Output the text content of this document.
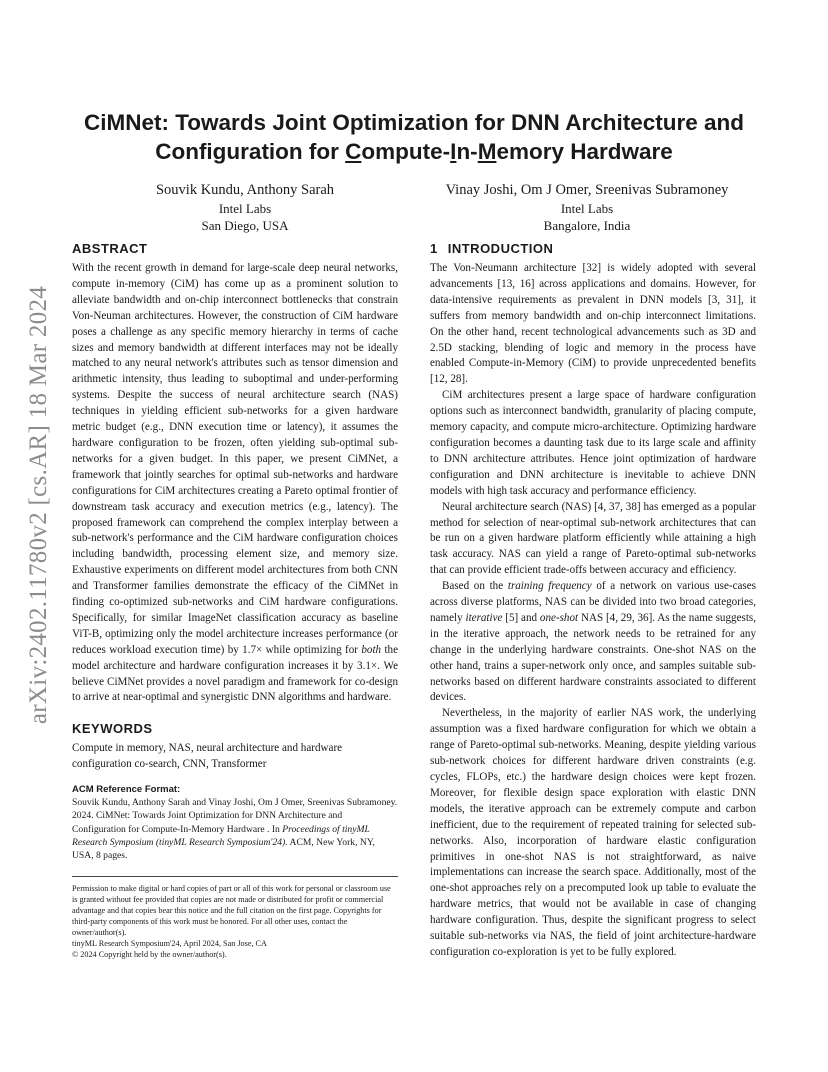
arXiv:2402.11780v2 [cs.AR] 18 Mar 2024
CiMNet: Towards Joint Optimization for DNN Architecture and
Configuration for Compute-In-Memory Hardware
Souvik Kundu, Anthony Sarah
Intel Labs
San Diego, USA
Vinay Joshi, Om J Omer, Sreenivas Subramoney
Intel Labs
Bangalore, India
ABSTRACT

With the recent growth in demand for large-scale deep neural networks, compute in-memory (CiM) has come up as a prominent solution to alleviate bandwidth and on-chip interconnect bottlenecks that constrain Von-Neuman architectures. However, the construction of CiM hardware poses a challenge as any specific memory hierarchy in terms of cache sizes and memory bandwidth at different interfaces may not be ideally matched to any neural network's attributes such as tensor dimension and arithmetic intensity, thus leading to suboptimal and under-performing systems. Despite the success of neural architecture search (NAS) techniques in yielding efficient sub-networks for a given hardware metric budget (e.g., DNN execution time or latency), it assumes the hardware configuration to be frozen, often yielding sub-optimal sub-networks for a given budget. In this paper, we present CiMNet, a framework that jointly searches for optimal sub-networks and hardware configurations for CiM architectures creating a Pareto optimal frontier of downstream task accuracy and execution metrics (e.g., latency). The proposed framework can comprehend the complex interplay between a sub-network's performance and the CiM hardware configuration choices including bandwidth, processing element size, and memory size. Exhaustive experiments on different model architectures from both CNN and Transformer families demonstrate the efficacy of the CiMNet in finding co-optimized sub-networks and CiM hardware configurations. Specifically, for similar ImageNet classification accuracy as baseline ViT-B, optimizing only the model architecture increases performance (or reduces workload execution time) by 1.7× while optimizing for both the model architecture and hardware configuration increases it by 3.1×. We believe CiMNet provides a novel paradigm and framework for co-design to arrive at near-optimal and synergistic DNN algorithms and hardware.

KEYWORDS

Compute in memory, NAS, neural architecture and hardware configuration co-search, CNN, Transformer

ACM Reference Format:

Souvik Kundu, Anthony Sarah and Vinay Joshi, Om J Omer, Sreenivas Subramoney. 2024. CiMNet: Towards Joint Optimization for DNN Architecture and Configuration for Compute-In-Memory Hardware . In Proceedings of tinyML Research Symposium (tinyML Research Symposium'24). ACM, New York, NY, USA, 8 pages.

Permission to make digital or hard copies of part or all of this work for personal or classroom use is granted without fee provided that copies are not made or distributed for profit or commercial advantage and that copies bear this notice and the full citation on the first page. Copyrights for third-party components of this work must be honored. For all other uses, contact the owner/author(s).

tinyML Research Symposium'24, April 2024, San Jose, CA

© 2024 Copyright held by the owner/author(s).

1 INTRODUCTION

The Von-Neumann architecture [32] is widely adopted with several advancements [13, 16] across applications and domains. However, for data-intensive requirements as prevalent in DNN models [3, 31], it suffers from memory bandwidth and on-chip interconnect limitations. On the other hand, recent technological advancements such as 3D and 2.5D stacking, blending of logic and memory in the process have enabled Compute-in-Memory (CiM) to provide unprecedented benefits [12, 28].

CiM architectures present a large space of hardware configuration options such as interconnect bandwidth, granularity of placing compute, memory capacity, and compute micro-architecture. Optimizing hardware configuration becomes a daunting task due to its large scale and affinity to DNN architecture attributes. Hence joint optimization of hardware configuration and DNN architecture is inevitable to achieve DNN models with high task accuracy and performance efficiency.

Neural architecture search (NAS) [4, 37, 38] has emerged as a popular method for selection of near-optimal sub-network architectures that can be run on a given hardware platform efficiently while attaining a high task accuracy. NAS can yield a range of Pareto-optimal sub-networks that can provide efficient trade-offs between accuracy and efficiency.

Based on the training frequency of a network on various use-cases across diverse platforms, NAS can be divided into two broad categories, namely iterative [5] and one-shot NAS [4, 29, 36]. As the name suggests, in the iterative approach, the network needs to be retrained for any change in the underlying hardware constraints. One-shot NAS on the other hand, trains a super-network only once, and samples suitable sub-networks based on different hardware constraints associated to different devices.

Nevertheless, in the majority of earlier NAS work, the underlying assumption was a fixed hardware configuration for which we obtain a range of Pareto-optimal sub-networks. Meaning, despite yielding various sub-network choices for different hardware driven constraints (e.g. cycles, FLOPs, etc.) the hardware design choices were kept frozen. Moreover, for flexible design space exploration with elastic DNN models, the iterative approach can be extremely compute and carbon inefficient, due to the requirement of repeated training for selected sub-networks. Also, incorporation of hardware elastic configuration primitives in one-shot NAS is not straightforward, as naive implementations can increase the search space. Additionally, most of the one-shot approaches rely on a precomputed look up table to evaluate the hardware metrics, that would not be available in case of changing hardware configuration. Thus, despite the significant progress to select suitable sub-networks via NAS, the field of joint architecture-hardware configuration co-exploration is yet to be fully explored.
